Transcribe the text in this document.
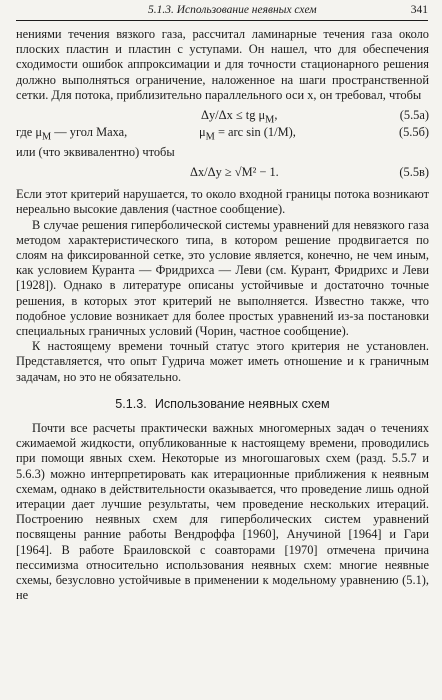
5.1.3. Использование неявных схем	341

нениями течения вязкого газа, рассчитал ламинарные течения газа около плоских пластин и пластин с уступами. Он нашел, что для обеспечения сходимости ошибок аппроксимации и для точности стационарного решения должно выполняться ограничение, наложенное на шаги пространственной сетки. Для потока, приблизительно параллельного оси x, он требовал, чтобы

Δy/Δx ≤ tg $\mu_M$,	(5.5а)
где $\mu_M$ — угол Маха,	$\mu_M$ = arc sin (1/M),	(5.5б)

или (что эквивалентно) чтобы

Δx/Δy ≥ √M² − 1.	(5.5в)

Если этот критерий нарушается, то около входной границы потока возникают нереально высокие давления (частное сообщение).

В случае решения гиперболической системы уравнений для невязкого газа методом характеристического типа, в котором решение продвигается по слоям на фиксированной сетке, это условие является, конечно, не чем иным, как условием Куранта — Фридрихса — Леви (см. Курант, Фридрихс и Леви [1928]). Однако в литературе описаны устойчивые и достаточно точные решения, в которых этот критерий не выполняется. Известно также, что подобное условие возникает для более простых уравнений из-за постановки специальных граничных условий (Чорин, частное сообщение).

К настоящему времени точный статус этого критерия не установлен. Представляется, что опыт Гудрича может иметь отношение и к граничным задачам, но это не обязательно.

5.1.3. Использование неявных схем

Почти все расчеты практически важных многомерных задач о течениях сжимаемой жидкости, опубликованные к настоящему времени, проводились при помощи явных схем. Некоторые из многошаговых схем (разд. 5.5.7 и 5.6.3) можно интерпретировать как итерационные приближения к неявным схемам, однако в действительности оказывается, что проведение лишь одной итерации дает лучшие результаты, чем проведение нескольких итераций. Построению неявных схем для гиперболических систем уравнений посвящены ранние работы Вендроффа [1960], Анучиной [1964] и Гари [1964]. В работе Браиловской с соавторами [1970] отмечена причина пессимизма относительно использования неявных схем: многие неявные схемы, безусловно устойчивые в применении к модельному уравнению (5.1), не
